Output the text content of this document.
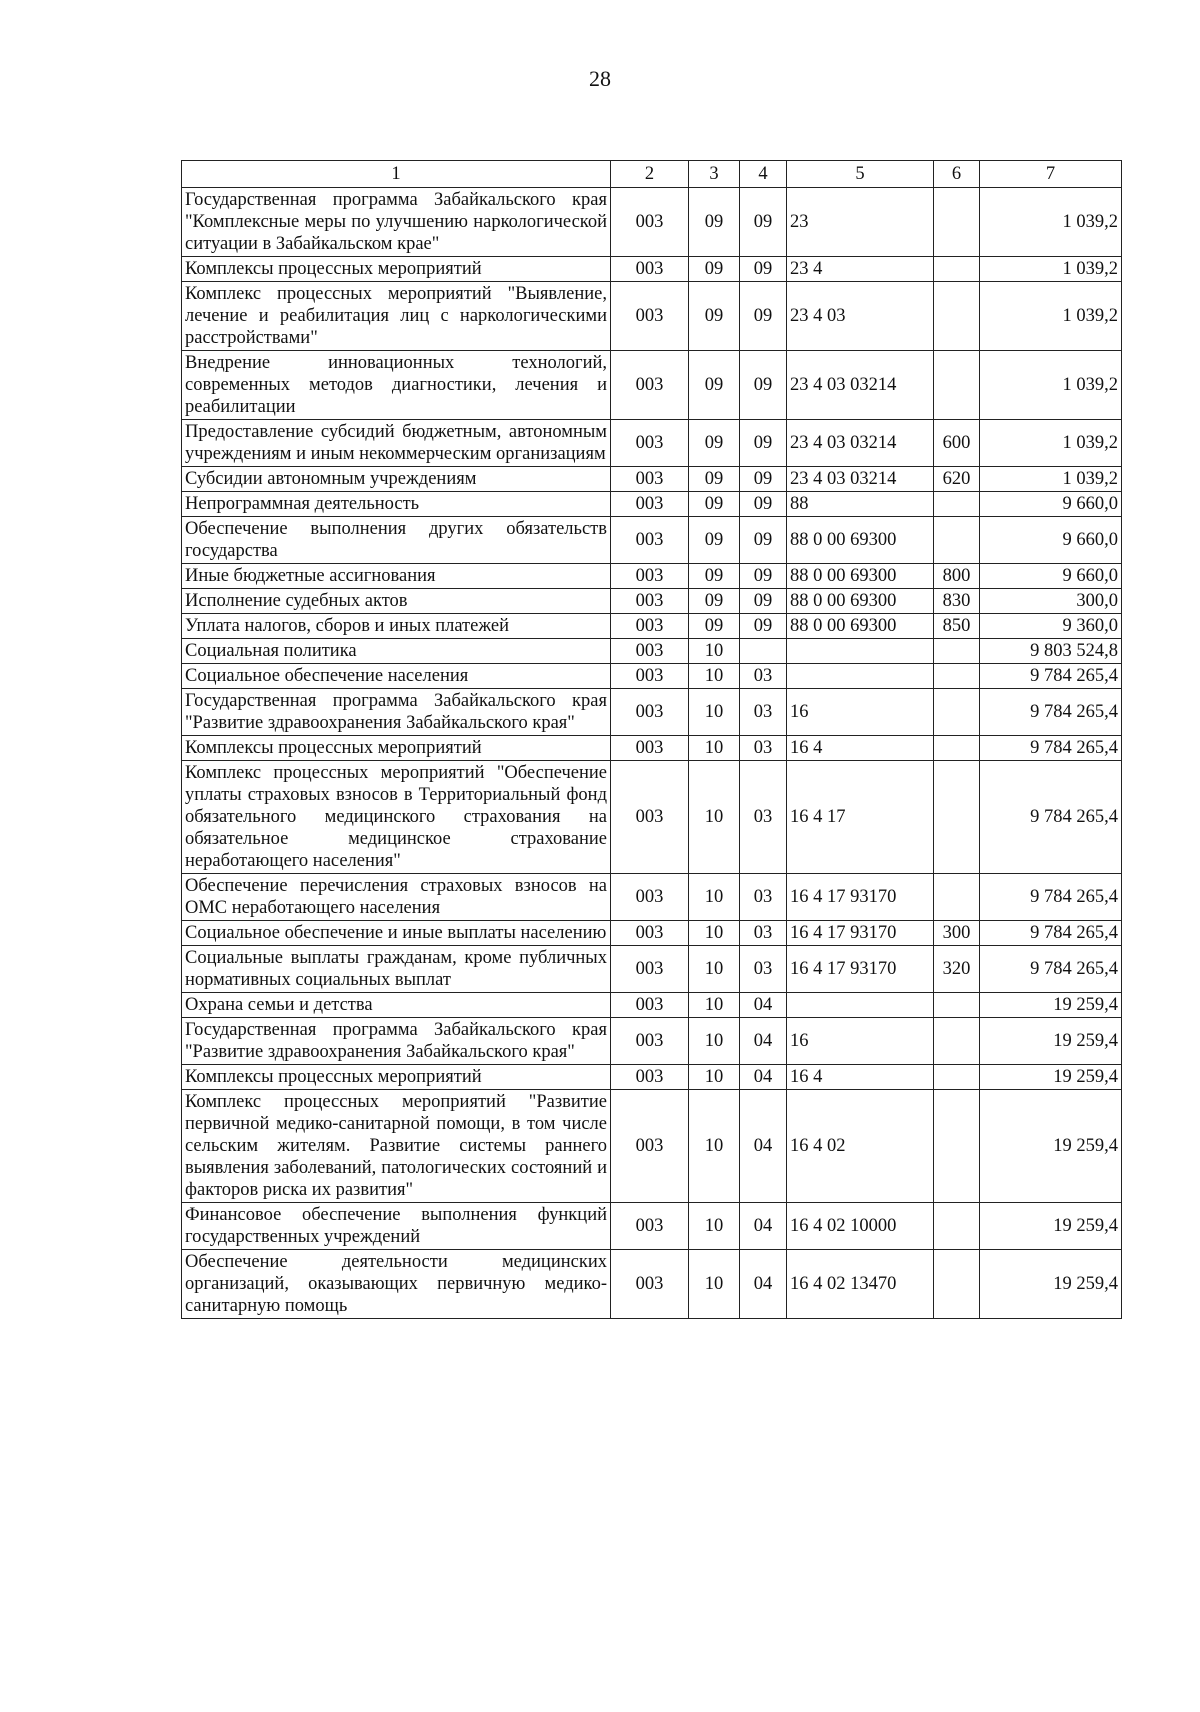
28
1	2	3	4	5	6	7
Государственная программа Забайкальского края "Комплексные меры по улучшению наркологической ситуации в Забайкальском крае"	003	09	09	23		1 039,2
Комплексы процессных мероприятий	003	09	09	23 4		1 039,2
Комплекс процессных мероприятий "Выявление, лечение и реабилитация лиц с наркологическими расстройствами"	003	09	09	23 4 03		1 039,2
Внедрение инновационных технологий, современных методов диагностики, лечения и реабилитации	003	09	09	23 4 03 03214		1 039,2
Предоставление субсидий бюджетным, автономным учреждениям и иным некоммерческим организациям	003	09	09	23 4 03 03214	600	1 039,2
Субсидии автономным учреждениям	003	09	09	23 4 03 03214	620	1 039,2
Непрограммная деятельность	003	09	09	88		9 660,0
Обеспечение выполнения других обязательств государства	003	09	09	88 0 00 69300		9 660,0
Иные бюджетные ассигнования	003	09	09	88 0 00 69300	800	9 660,0
Исполнение судебных актов	003	09	09	88 0 00 69300	830	300,0
Уплата налогов, сборов и иных платежей	003	09	09	88 0 00 69300	850	9 360,0
Социальная политика	003	10				9 803 524,8
Социальное обеспечение населения	003	10	03			9 784 265,4
Государственная программа Забайкальского края "Развитие здравоохранения Забайкальского края"	003	10	03	16		9 784 265,4
Комплексы процессных мероприятий	003	10	03	16 4		9 784 265,4
Комплекс процессных мероприятий "Обеспечение уплаты страховых взносов в Территориальный фонд обязательного медицинского страхования на обязательное медицинское страхование неработающего населения"	003	10	03	16 4 17		9 784 265,4
Обеспечение перечисления страховых взносов на ОМС неработающего населения	003	10	03	16 4 17 93170		9 784 265,4
Социальное обеспечение и иные выплаты населению	003	10	03	16 4 17 93170	300	9 784 265,4
Социальные выплаты гражданам, кроме публичных нормативных социальных выплат	003	10	03	16 4 17 93170	320	9 784 265,4
Охрана семьи и детства	003	10	04			19 259,4
Государственная программа Забайкальского края "Развитие здравоохранения Забайкальского края"	003	10	04	16		19 259,4
Комплексы процессных мероприятий	003	10	04	16 4		19 259,4
Комплекс процессных мероприятий "Развитие первичной медико-санитарной помощи, в том числе сельским жителям. Развитие системы раннего выявления заболеваний, патологических состояний и факторов риска их развития"	003	10	04	16 4 02		19 259,4
Финансовое обеспечение выполнения функций государственных учреждений	003	10	04	16 4 02 10000		19 259,4
Обеспечение деятельности медицинских организаций, оказывающих первичную медико-санитарную помощь	003	10	04	16 4 02 13470		19 259,4
